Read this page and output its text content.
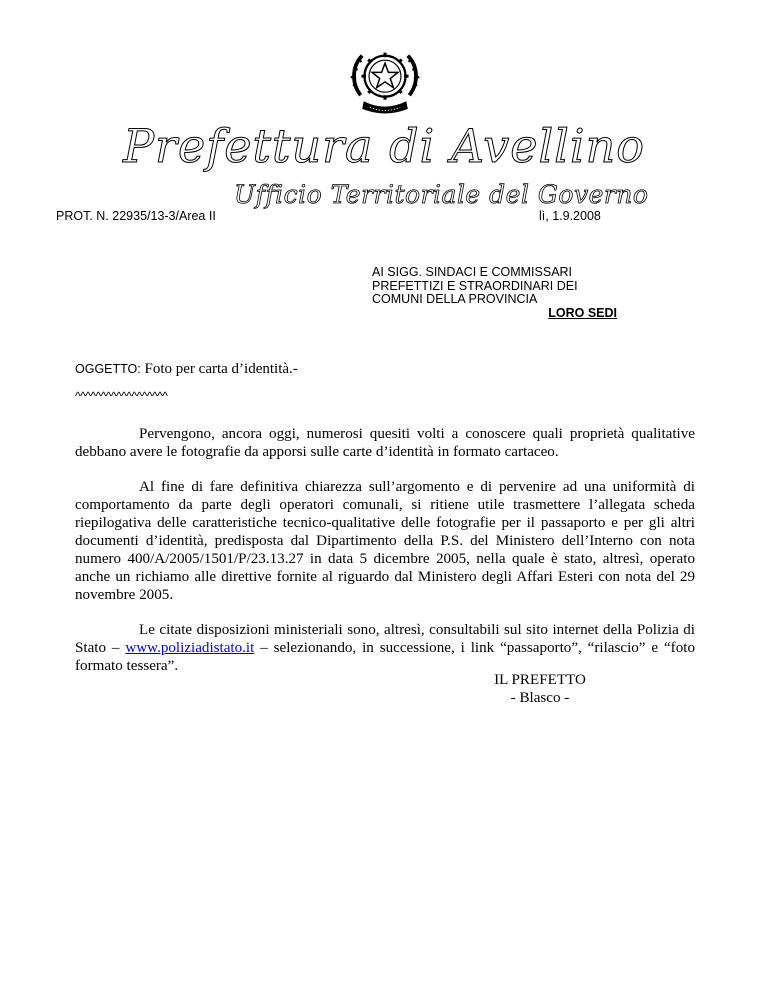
Prefettura di Avellino
Ufficio Territoriale del Governo
PROT. N. 22935/13-3/Area II	lì, 1.9.2008
AI SIGG. SINDACI E COMMISSARI
PREFETTIZI E STRAORDINARI DEI
COMUNI DELLA PROVINCIA
LORO SEDI
OGGETTO: Foto per carta d’identità.-
^^^^^^^^^^^^^^^^^^

Pervengono, ancora oggi, numerosi quesiti volti a conoscere quali proprietà qualitative debbano avere le fotografie da apporsi sulle carte d’identità in formato cartaceo.

Al fine di fare definitiva chiarezza sull’argomento e di pervenire ad una uniformità di comportamento da parte degli operatori comunali, si ritiene utile trasmettere l’allegata scheda riepilogativa delle caratteristiche tecnico-qualitative delle fotografie per il passaporto e per gli altri documenti d’identità, predisposta dal Dipartimento della P.S. del Ministero dell’Interno con nota numero 400/A/2005/1501/P/23.13.27 in data 5 dicembre 2005, nella quale è stato, altresì, operato anche un richiamo alle direttive fornite al riguardo dal Ministero degli Affari Esteri con nota del 29 novembre 2005.

Le citate disposizioni ministeriali sono, altresì, consultabili sul sito internet della Polizia di Stato – www.poliziadistato.it – selezionando, in successione, i link “passaporto”, “rilascio” e “foto formato tessera”.

IL PREFETTO
- Blasco -
